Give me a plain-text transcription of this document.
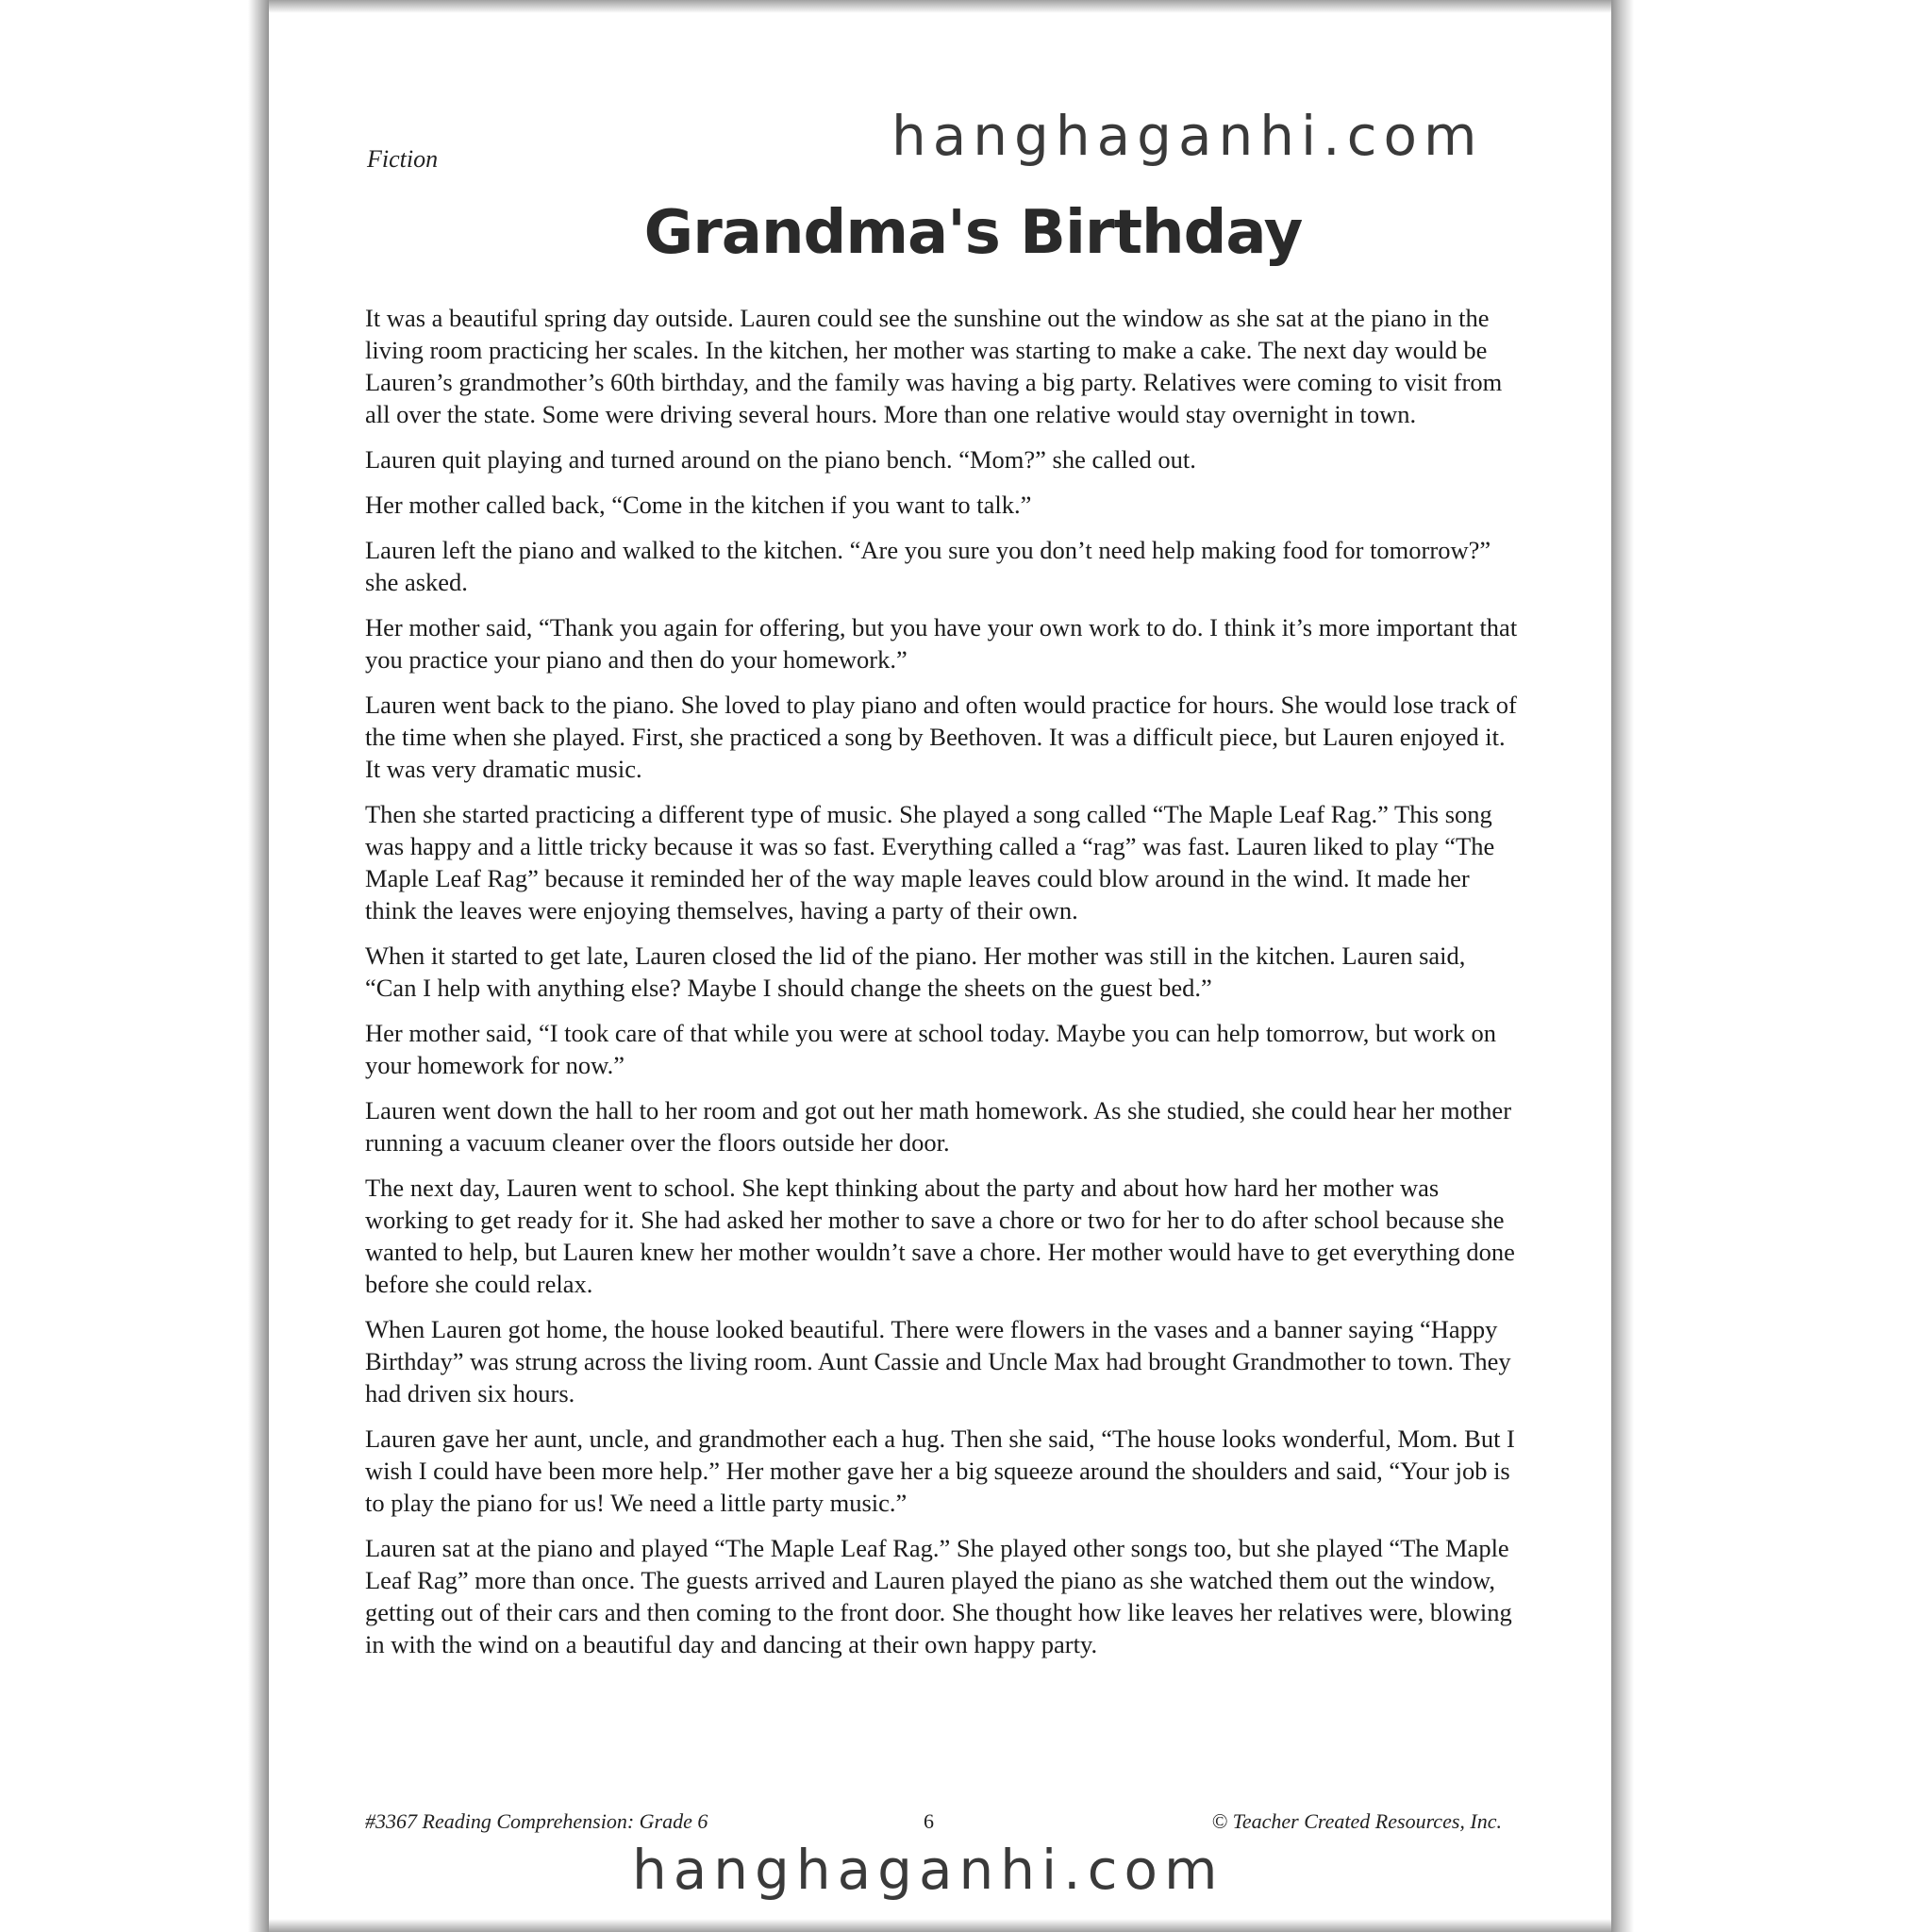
hanghaganhi.com
Fiction
Grandma's Birthday

It was a beautiful spring day outside. Lauren could see the sunshine out the window as she sat at the piano in the living room practicing her scales. In the kitchen, her mother was starting to make a cake. The next day would be Lauren’s grandmother’s 60th birthday, and the family was having a big party. Relatives were coming to visit from all over the state. Some were driving several hours. More than one relative would stay overnight in town.

Lauren quit playing and turned around on the piano bench. “Mom?” she called out.

Her mother called back, “Come in the kitchen if you want to talk.”

Lauren left the piano and walked to the kitchen. “Are you sure you don’t need help making food for tomorrow?” she asked.

Her mother said, “Thank you again for offering, but you have your own work to do. I think it’s more important that you practice your piano and then do your homework.”

Lauren went back to the piano. She loved to play piano and often would practice for hours. She would lose track of the time when she played. First, she practiced a song by Beethoven. It was a difficult piece, but Lauren enjoyed it. It was very dramatic music.

Then she started practicing a different type of music. She played a song called “The Maple Leaf Rag.” This song was happy and a little tricky because it was so fast. Everything called a “rag” was fast. Lauren liked to play “The Maple Leaf Rag” because it reminded her of the way maple leaves could blow around in the wind. It made her think the leaves were enjoying themselves, having a party of their own.

When it started to get late, Lauren closed the lid of the piano. Her mother was still in the kitchen. Lauren said, “Can I help with anything else? Maybe I should change the sheets on the guest bed.”

Her mother said, “I took care of that while you were at school today. Maybe you can help tomorrow, but work on your homework for now.”

Lauren went down the hall to her room and got out her math homework. As she studied, she could hear her mother running a vacuum cleaner over the floors outside her door.

The next day, Lauren went to school. She kept thinking about the party and about how hard her mother was working to get ready for it. She had asked her mother to save a chore or two for her to do after school because she wanted to help, but Lauren knew her mother wouldn’t save a chore. Her mother would have to get everything done before she could relax.

When Lauren got home, the house looked beautiful. There were flowers in the vases and a banner saying “Happy Birthday” was strung across the living room. Aunt Cassie and Uncle Max had brought Grandmother to town. They had driven six hours.

Lauren gave her aunt, uncle, and grandmother each a hug. Then she said, “The house looks wonderful, Mom. But I wish I could have been more help.” Her mother gave her a big squeeze around the shoulders and said, “Your job is to play the piano for us! We need a little party music.”

Lauren sat at the piano and played “The Maple Leaf Rag.” She played other songs too, but she played “The Maple Leaf Rag” more than once. The guests arrived and Lauren played the piano as she watched them out the window, getting out of their cars and then coming to the front door. She thought how like leaves her relatives were, blowing in with the wind on a beautiful day and dancing at their own happy party.

#3367 Reading Comprehension: Grade 6	6	© Teacher Created Resources, Inc.
hanghaganhi.com
